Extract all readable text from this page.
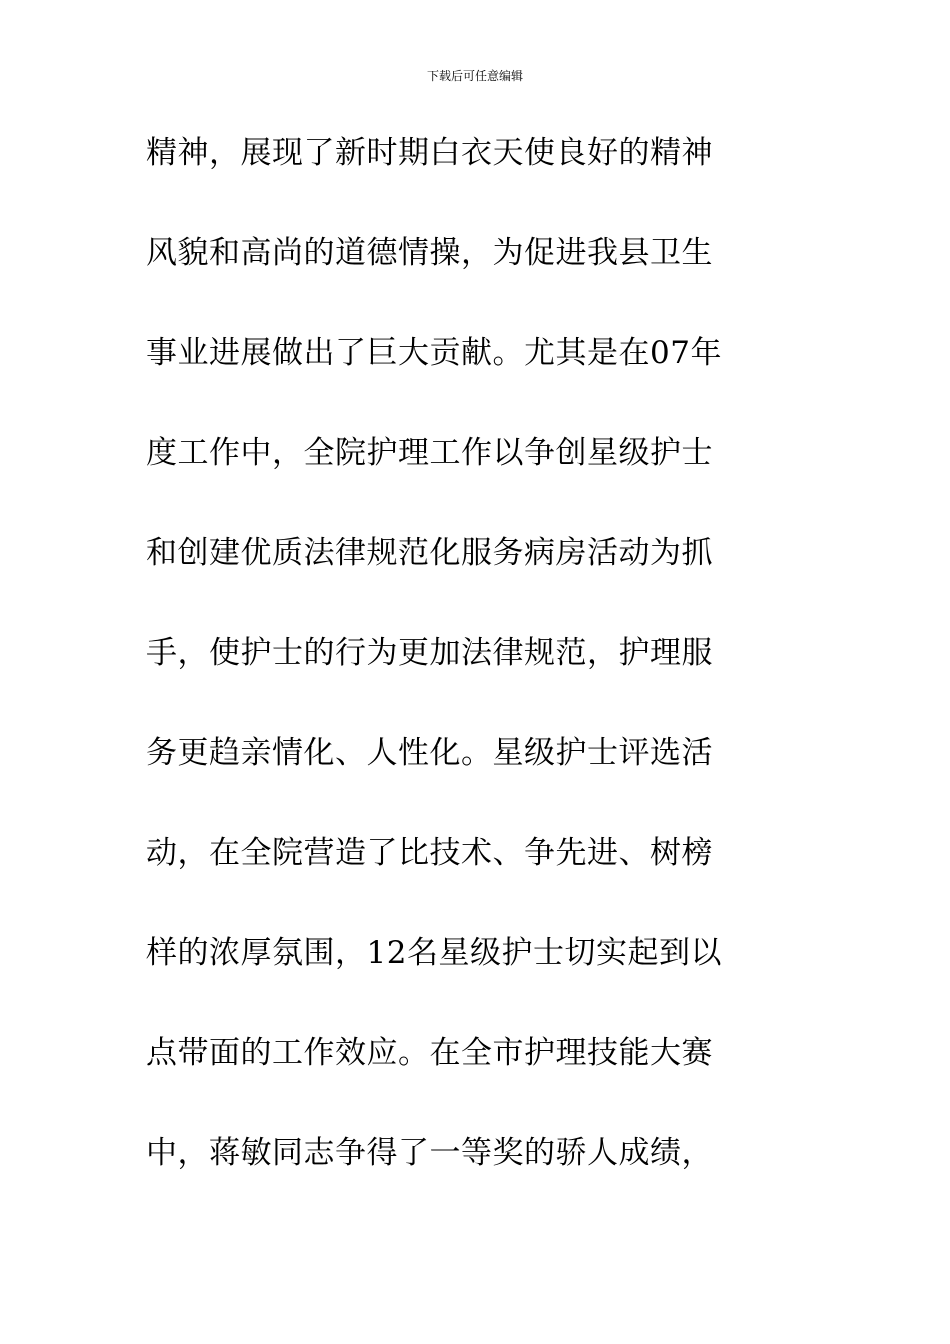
下载后可任意编辑
精神，展现了新时期白衣天使良好的精神
风貌和高尚的道德情操，为促进我县卫生
事业进展做出了巨大贡献。尤其是在07年
度工作中，全院护理工作以争创星级护士
和创建优质法律规范化服务病房活动为抓
手，使护士的行为更加法律规范，护理服
务更趋亲情化、人性化。星级护士评选活
动，在全院营造了比技术、争先进、树榜
样的浓厚氛围，12名星级护士切实起到以
点带面的工作效应。在全市护理技能大赛
中，蒋敏同志争得了一等奖的骄人成绩，
